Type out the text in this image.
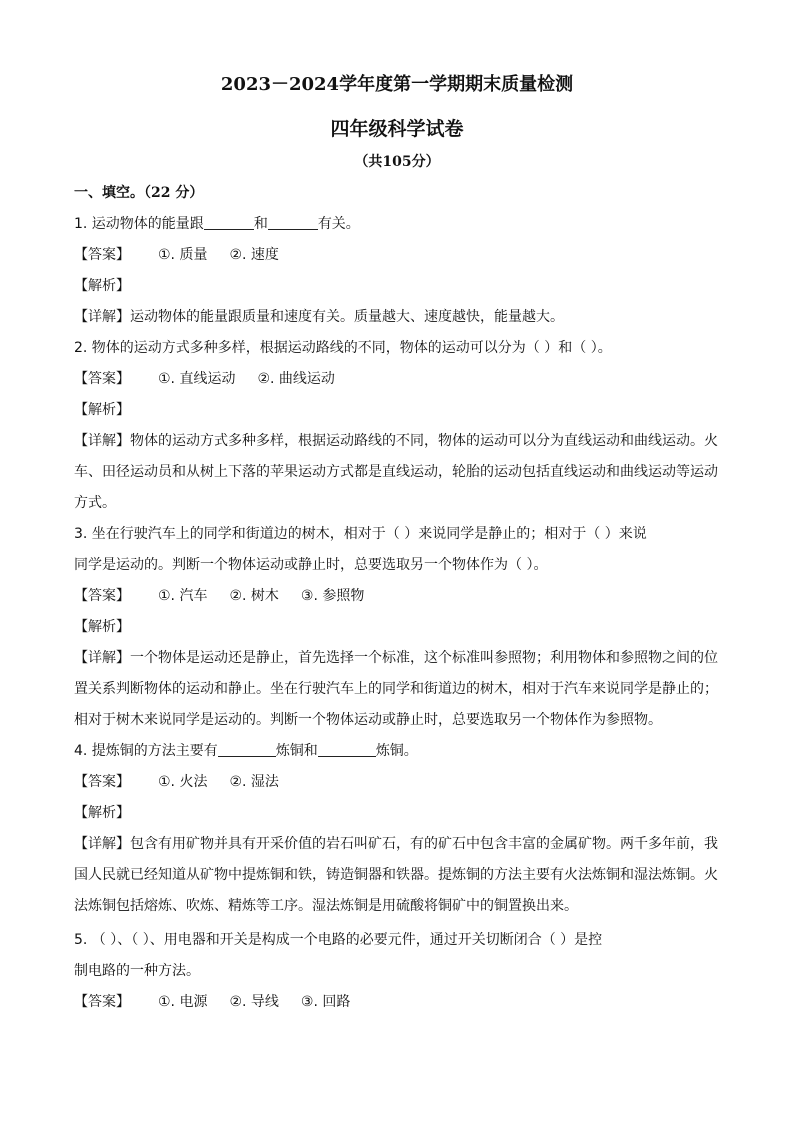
2023－2024学年度第一学期期末质量检测
四年级科学试卷
（共105分）
一、填空。（22 分）
1. 运动物体的能量跟	和	有关。
【答案】 ①. 质量 ②. 速度
【解析】
【详解】运动物体的能量跟质量和速度有关。质量越大、速度越快，能量越大。
2. 物体的运动方式多种多样，根据运动路线的不同，物体的运动可以分为（ ）和（ ）。
【答案】 ①. 直线运动 ②. 曲线运动
【解析】
【详解】物体的运动方式多种多样，根据运动路线的不同，物体的运动可以分为直线运动和曲线运动。火
车、田径运动员和从树上下落的苹果运动方式都是直线运动，轮胎的运动包括直线运动和曲线运动等运动
方式。
3. 坐在行驶汽车上的同学和街道边的树木，相对于（ ）来说同学是静止的；相对于（ ）来说
同学是运动的。判断一个物体运动或静止时，总要选取另一个物体作为（ ）。
【答案】 ①. 汽车 ②. 树木 ③. 参照物
【解析】
【详解】一个物体是运动还是静止，首先选择一个标准，这个标准叫参照物；利用物体和参照物之间的位
置关系判断物体的运动和静止。坐在行驶汽车上的同学和街道边的树木，相对于汽车来说同学是静止的；
相对于树木来说同学是运动的。判断一个物体运动或静止时，总要选取另一个物体作为参照物。
4. 提炼铜的方法主要有	炼铜和	炼铜。
【答案】 ①. 火法 ②. 湿法
【解析】
【详解】包含有用矿物并具有开采价值的岩石叫矿石，有的矿石中包含丰富的金属矿物。两千多年前，我
国人民就已经知道从矿物中提炼铜和铁，铸造铜器和铁器。提炼铜的方法主要有火法炼铜和湿法炼铜。火
法炼铜包括熔炼、吹炼、精炼等工序。湿法炼铜是用硫酸将铜矿中的铜置换出来。
5. （ ）、（ ）、用电器和开关是构成一个电路的必要元件，通过开关切断闭合（ ）是控
制电路的一种方法。
【答案】 ①. 电源 ②. 导线 ③. 回路
